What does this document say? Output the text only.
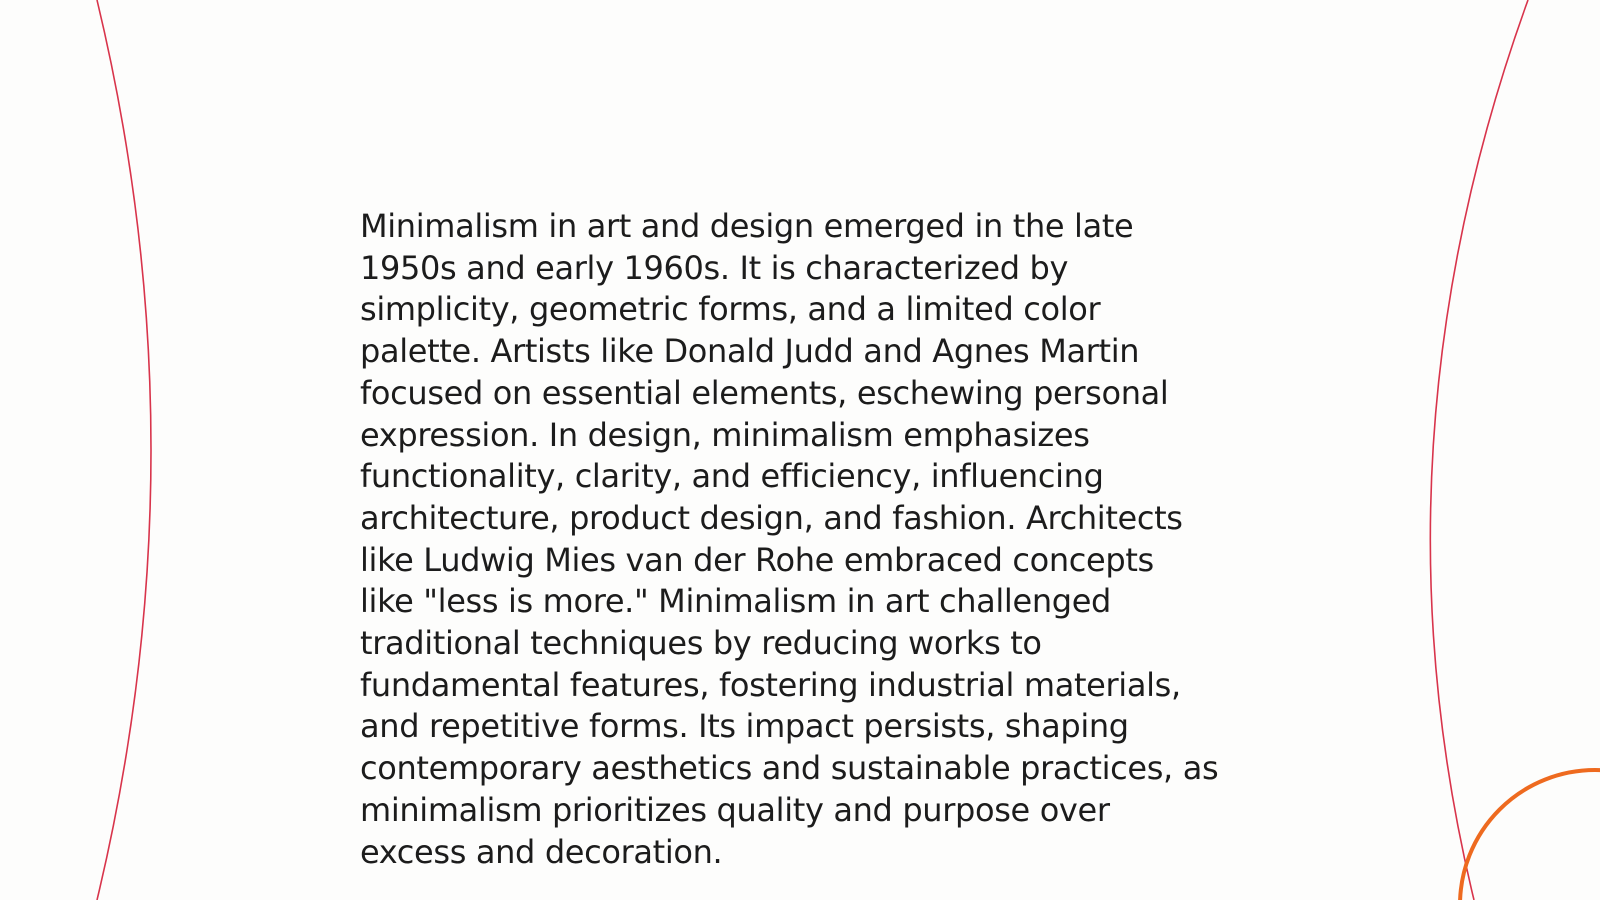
Minimalism in art and design emerged in the late
1950s and early 1960s. It is characterized by
simplicity, geometric forms, and a limited color
palette. Artists like Donald Judd and Agnes Martin
focused on essential elements, eschewing personal
expression. In design, minimalism emphasizes
functionality, clarity, and efficiency, influencing
architecture, product design, and fashion. Architects
like Ludwig Mies van der Rohe embraced concepts
like "less is more." Minimalism in art challenged
traditional techniques by reducing works to
fundamental features, fostering industrial materials,
and repetitive forms. Its impact persists, shaping
contemporary aesthetics and sustainable practices, as
minimalism prioritizes quality and purpose over
excess and decoration.
